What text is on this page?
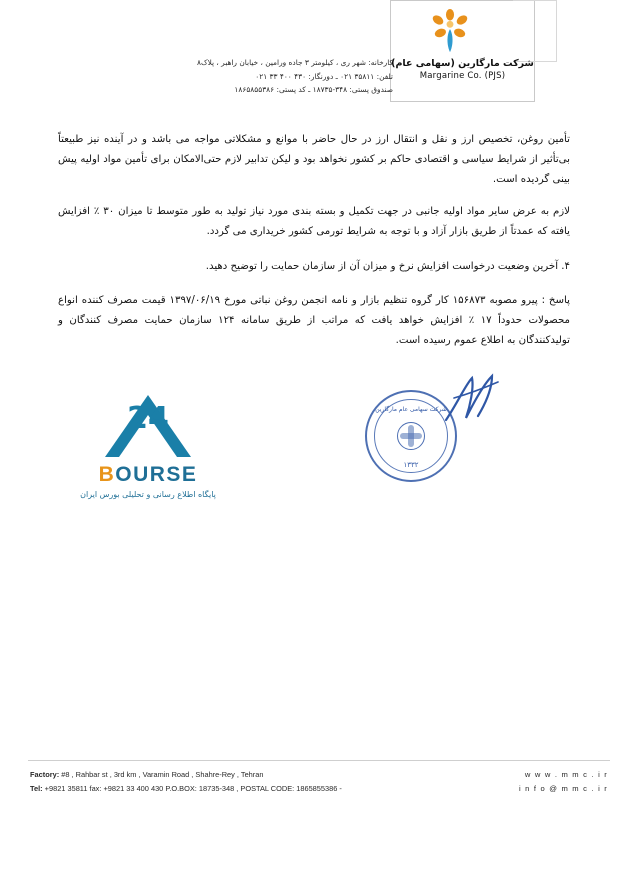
شرکت مارگارین (سهامی عام)
Margarine Co. (PJS)
کارخانه: شهر ری ، کیلومتر ۳ جاده ورامین ، خیابان راهبر ، پلاک۸
تلفن: ۳۵۸۱۱ ۰۲۱ ـ دورنگار: ۴۳۰ ۴۰۰ ۳۳ ۰۲۱
صندوق پستی: ۳۴۸-۱۸۷۳۵ ـ کد پستی: ۱۸۶۵۸۵۵۳۸۶

تأمین روغن، تخصیص ارز و نقل و انتقال ارز در حال حاضر با موانع و مشکلاتی مواجه می باشد و در آینده نیز طبیعتاً بی‌تأثیر از شرایط سیاسی و اقتصادی حاکم بر کشور نخواهد بود و لیکن تدابیر لازم حتی‌الامکان برای تأمین مواد اولیه پیش بینی گردیده است.

لازم به عرض سایر مواد اولیه جانبی در جهت تکمیل و بسته بندی مورد نیاز تولید به طور متوسط تا میزان ۳۰ ٪ افزایش یافته که عمدتاً از طریق بازار آزاد و با توجه به شرایط تورمی کشور خریداری می گردد.

۴. آخرین وضعیت درخواست افزایش نرخ و میزان آن از سازمان حمایت را توضیح دهید.

پاسخ : پیرو مصوبه ۱۵۶۸۷۳ کار گروه تنظیم بازار و نامه انجمن روغن نباتی مورخ ۱۳۹۷/۰۶/۱۹ قیمت مصرف کننده انواع محصولات حدوداً ۱۷ ٪ افزایش خواهد یافت که مراتب از طریق سامانه ۱۲۴ سازمان حمایت مصرف کنندگان و تولیدکنندگان به اطلاع عموم رسیده است.

24
BOURSE
پایگاه اطلاع رسانی و تحلیلی بورس ایران
شرکت سهامی عام مارگارین
۱۳۳۲
Factory: #8 , Rahbar st , 3rd km , Varamin Road , Shahre-Rey , Tehran
Tel: +9821 35811 fax: +9821 33 400 430 P.O.BOX: 18735-348 , POSTAL CODE: 1865855386 -
w w w . m m c . i r
i n f o @ m m c . i r
